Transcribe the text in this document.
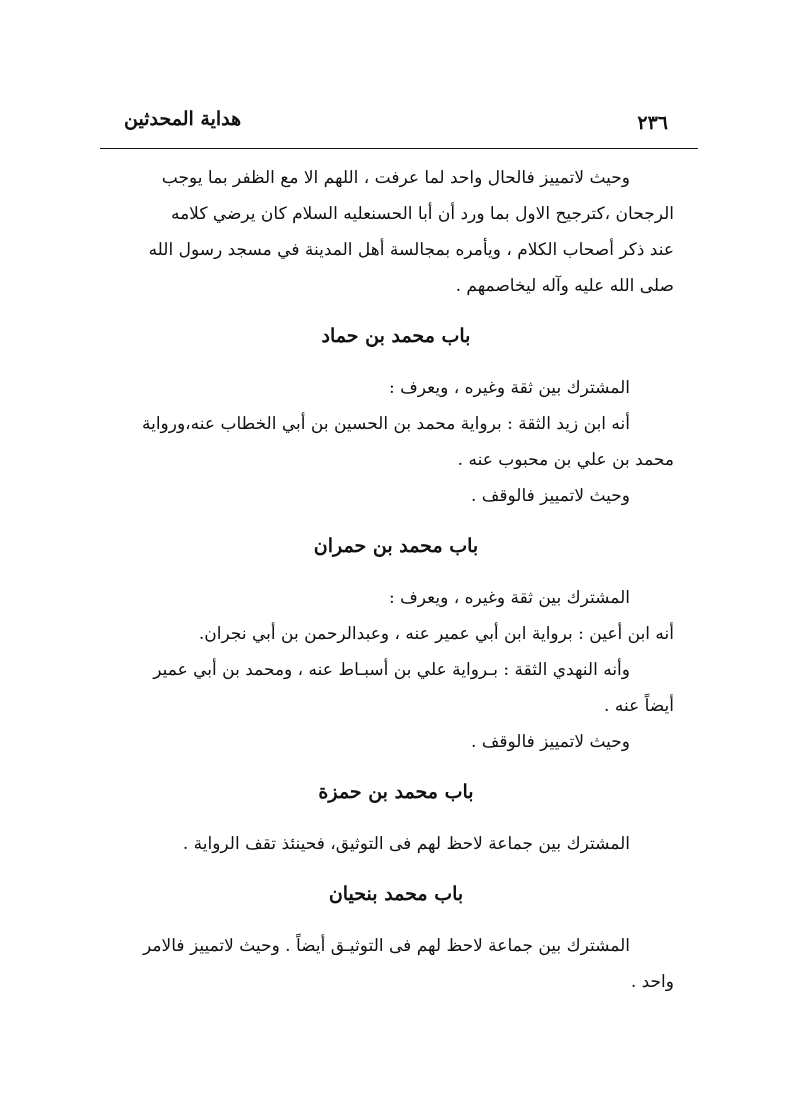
٢٣٦
هداية المحدثين

وحيث لاتمييز فالحال واحد لما عرفت ، اللهم الا مع الظفر بما يوجب

الرجحان ،كترجيح الاول بما ورد أن أبا الحسنعليه السلام كان يرضي كلامه

عند ذكر أصحاب الكلام ، ويأمره بمجالسة أهل المدينة في مسجد رسول الله

صلى الله عليه وآله ليخاصمهم .

باب محمد بن حماد

المشترك بين ثقة وغيره ، ويعرف :

أنه ابن زيد الثقة : برواية محمد بن الحسين بن أبي الخطاب عنه،ورواية

محمد بن علي بن محبوب عنه .

وحيث لاتمييز فالوقف .

باب محمد بن حمران

المشترك بين ثقة وغيره ، ويعرف :

أنه ابن أعين : برواية ابن أبي عمير عنه ، وعبدالرحمن بن أبي نجران.

وأنه النهدي الثقة : بـرواية علي بن أسبـاط عنه ، ومحمد بن أبي عمير

أيضاً عنه .

وحيث لاتمييز فالوقف .

باب محمد بن حمزة

المشترك بين جماعة لاحظ لهم فى التوثيق، فحينئذ تقف الرواية .

باب محمد بنحيان

المشترك بين جماعة لاحظ لهم فى التوثيـق أيضاً . وحيث لاتمييز فالامر

واحد .
